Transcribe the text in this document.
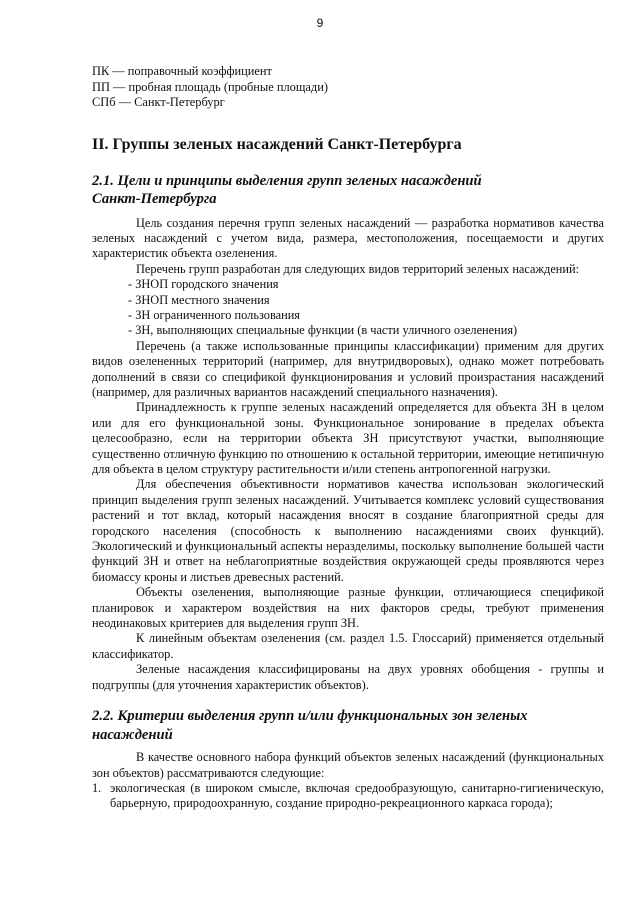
9
ПК — поправочный коэффициент
ПП — пробная площадь (пробные площади)
СПб — Санкт-Петербург
II. Группы зеленых насаждений Санкт-Петербурга
2.1. Цели и принципы выделения групп зеленых насаждений
Санкт-Петербурга

Цель создания перечня групп зеленых насаждений — разработка нормативов качества зеленых насаждений с учетом вида, размера, местоположения, посещаемости и других характеристик объекта озеленения.

Перечень групп разработан для следующих видов территорий зеленых насаждений:

- ЗНОП городского значения
- ЗНОП местного значения
- ЗН ограниченного пользования
- ЗН, выполняющих специальные функции (в части уличного озеленения)

Перечень (а также использованные принципы классификации) применим для других видов озелененных территорий (например, для внутридворовых), однако может потребовать дополнений в связи со спецификой функционирования и условий произрастания насаждений (например, для различных вариантов насаждений специального назначения).

Принадлежность к группе зеленых насаждений определяется для объекта ЗН в целом или для его функциональной зоны. Функциональное зонирование в пределах объекта целесообразно, если на территории объекта ЗН присутствуют участки, выполняющие существенно отличную функцию по отношению к остальной территории, имеющие нетипичную для объекта в целом структуру растительности и/или степень антропогенной нагрузки.

Для обеспечения объективности нормативов качества использован экологический принцип выделения групп зеленых насаждений. Учитывается комплекс условий существования растений и тот вклад, который насаждения вносят в создание благоприятной среды для городского населения (способность к выполнению насаждениями своих функций). Экологический и функциональный аспекты неразделимы, поскольку выполнение большей части функций ЗН и ответ на неблагоприятные воздействия окружающей среды проявляются через биомассу кроны и листьев древесных растений.

Объекты озеленения, выполняющие разные функции, отличающиеся спецификой планировок и характером воздействия на них факторов среды, требуют применения неодинаковых критериев для выделения групп ЗН.

К линейным объектам озеленения (см. раздел 1.5. Глоссарий) применяется отдельный классификатор.

Зеленые насаждения классифицированы на двух уровнях обобщения - группы и подгруппы (для уточнения характеристик объектов).

2.2. Критерии выделения групп и/или функциональных зон зеленых
насаждений

В качестве основного набора функций объектов зеленых насаждений (функциональных зон объектов) рассматриваются следующие:

1. экологическая (в широком смысле, включая средообразующую, санитарно-гигиеническую, барьерную, природоохранную, создание природно-рекреационного каркаса города);
